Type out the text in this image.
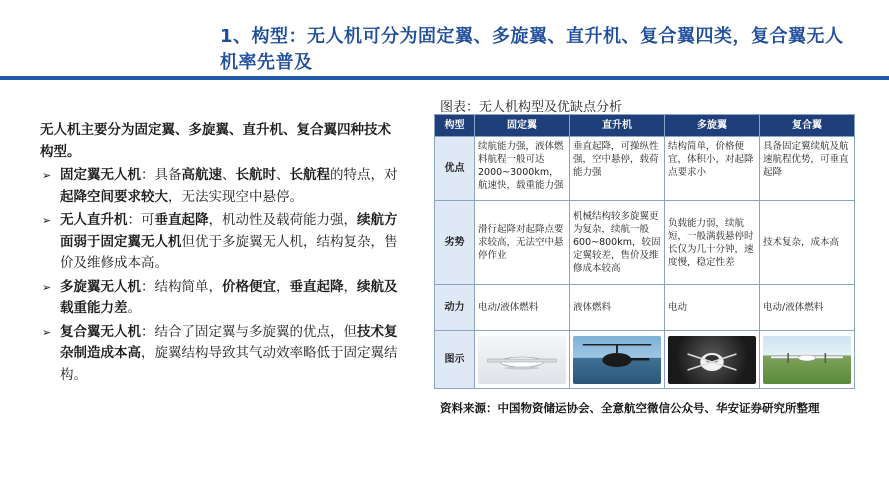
1、构型：无人机可分为固定翼、多旋翼、直升机、复合翼四类，复合翼无人机率先普及
无人机主要分为固定翼、多旋翼、直升机、复合翼四种技术构型。
➢ 固定翼无人机：具备高航速、长航时、长航程的特点，对起降空间要求较大，无法实现空中悬停。
➢ 无人直升机：可垂直起降，机动性及载荷能力强，续航方面弱于固定翼无人机但优于多旋翼无人机，结构复杂，售价及维修成本高。
➢ 多旋翼无人机：结构简单，价格便宜，垂直起降，续航及载重能力差。
➢ 复合翼无人机：结合了固定翼与多旋翼的优点，但技术复杂制造成本高，旋翼结构导致其气动效率略低于固定翼结构。
图表：无人机构型及优缺点分析
构型	固定翼	直升机	多旋翼	复合翼
优点	续航能力强，液体燃料航程一般可达2000~3000km，航速快，载重能力强	垂直起降，可操纵性强，空中悬停，载荷能力强	结构简单，价格便宜，体积小，对起降点要求小	具备固定翼续航及航速航程优势，可垂直起降
劣势	滑行起降对起降点要求较高，无法空中悬停作业	机械结构较多旋翼更为复杂，续航一般600~800km，较固定翼较差，售价及维修成本较高	负载能力弱，续航短，一般满载悬停时长仅为几十分钟，速度慢，稳定性差	技术复杂，成本高
动力	电动/液体燃料	液体燃料	电动	电动/液体燃料
图示	

资料来源：中国物资储运协会、全意航空微信公众号、华安证券研究所整理
